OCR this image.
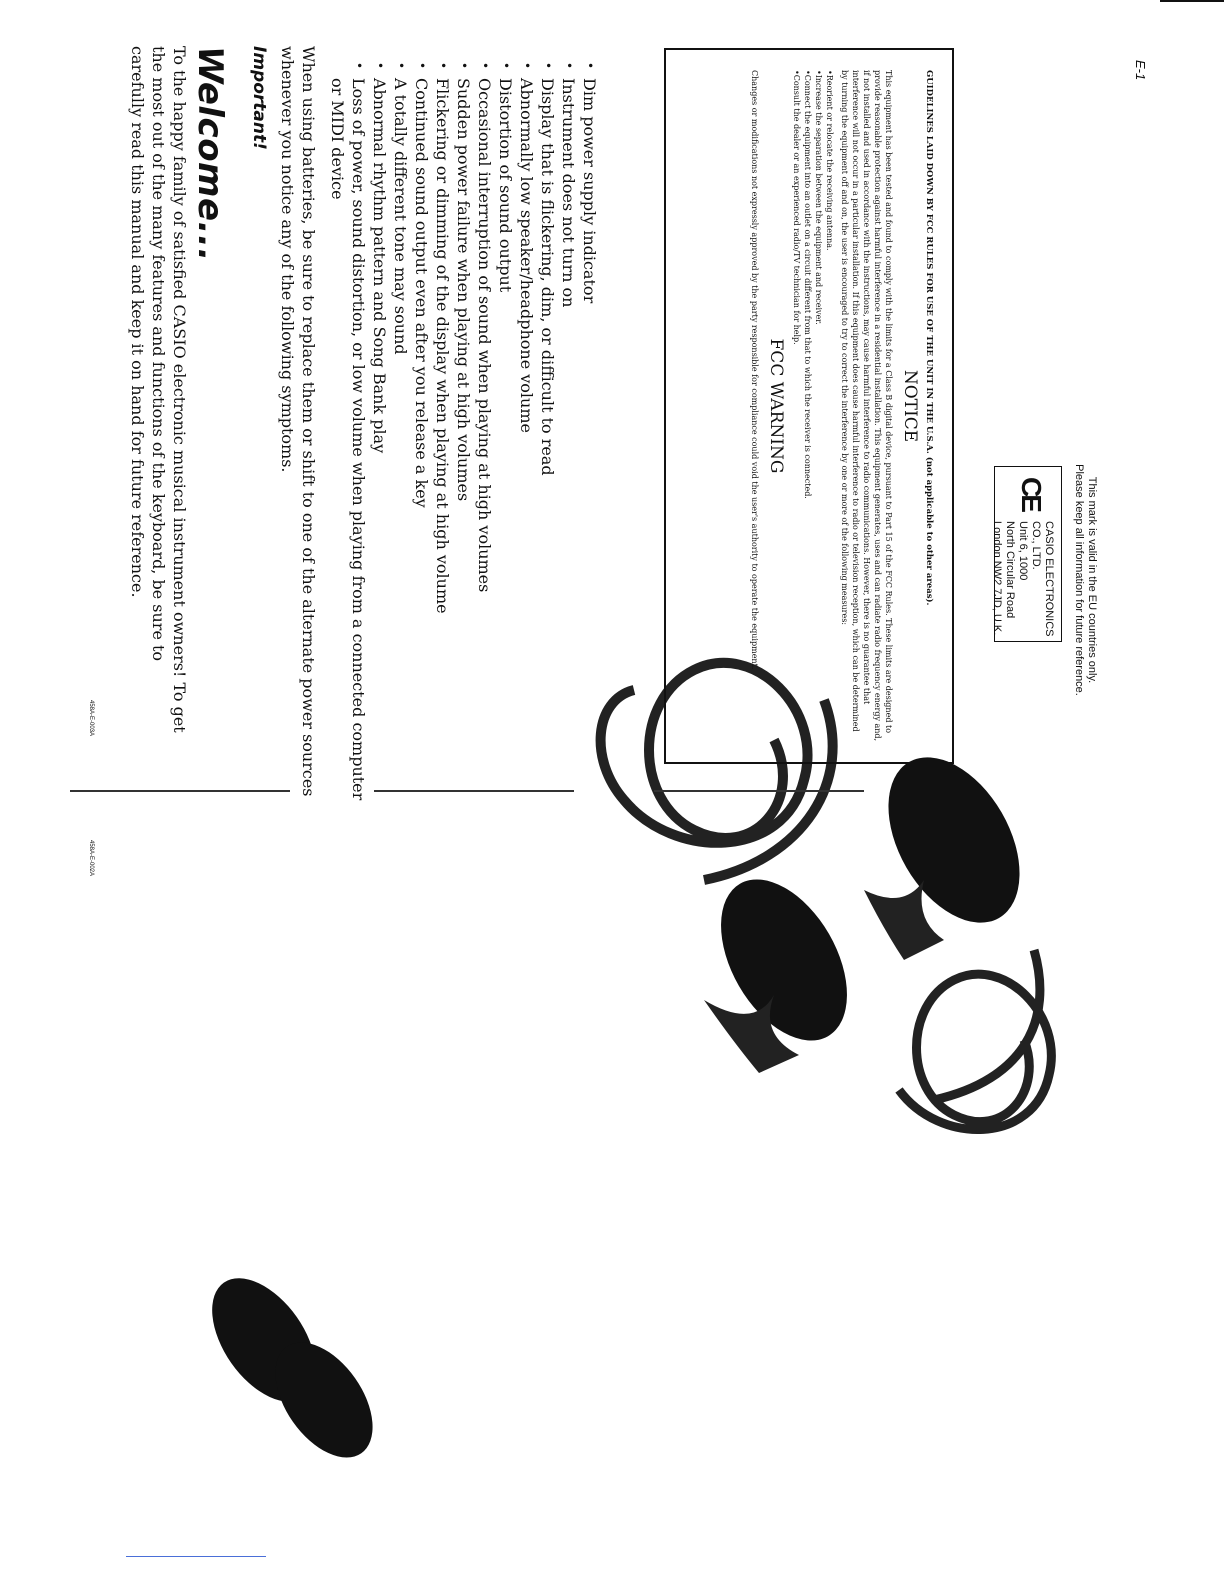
Welcome...
To the happy family of satisfied CASIO electronic musical instrument owners! To get the most out of the many features and functions of the keyboard, be sure to carefully read this manual and keep it on hand for future reference.	Important!	When using batteries, be sure to replace them or shift to one of the alternate power sources whenever you notice any of the following symptoms.
•	Dim power supply indicator
• Instrument does not turn on
• Display that is flickering, dim, or difficult to read
• Abnormally low speaker/headphone volume
• Distortion of sound output
• Occasional interruption of sound when playing at high volumes
• Sudden power failure when playing at high volumes
• Flickering or dimming of the display when playing at high volume
• Continued sound output even after you release a key
• A totally different tone may sound
• Abnormal rhythm pattern and Song Bank play
• Loss of power, sound distortion, or low volume when playing from a connected computer or MIDI device	GUIDELINES LAID DOWN BY FCC RULES FOR USE OF THE UNIT IN THE U.S.A. (not applicable to other areas).

NOTICE

This equipment has been tested and found to comply with the limits for a Class B digital device, pursuant to Part 15 of the FCC Rules. These limits are designed to provide reasonable protection against harmful interference in a residential installation. This equipment generates, uses and can radiate radio frequency energy and, if not installed and used in accordance with the instructions, may cause harmful interference to radio communications. However, there is no guarantee that interference will not occur in a particular installation. If this equipment does cause harmful interference to radio or television reception, which can be determined by turning the equipment off and on, the user is encouraged to try to correct the interference by one or more of the following measures:

• Reorient or relocate the receiving antenna.
• Increase the separation between the equipment and receiver.
• Connect the equipment into an outlet on a circuit different from that to which the receiver is connected.
• Consult the dealer or an experienced radio/TV technician for help.
FCC WARNING

Changes or modifications not expressly approved by the party responsible for compliance could void the user's authority to operate the equipment.	CE
CASIO ELECTRONICS CO., LTD.
Unit 6, 1000
North Circular Road
London NW2 7JD, U.K.	This mark is valid in the EU countries only.
Please keep all information for future reference.
E-1
458A-E-002A
458A-E-003A
